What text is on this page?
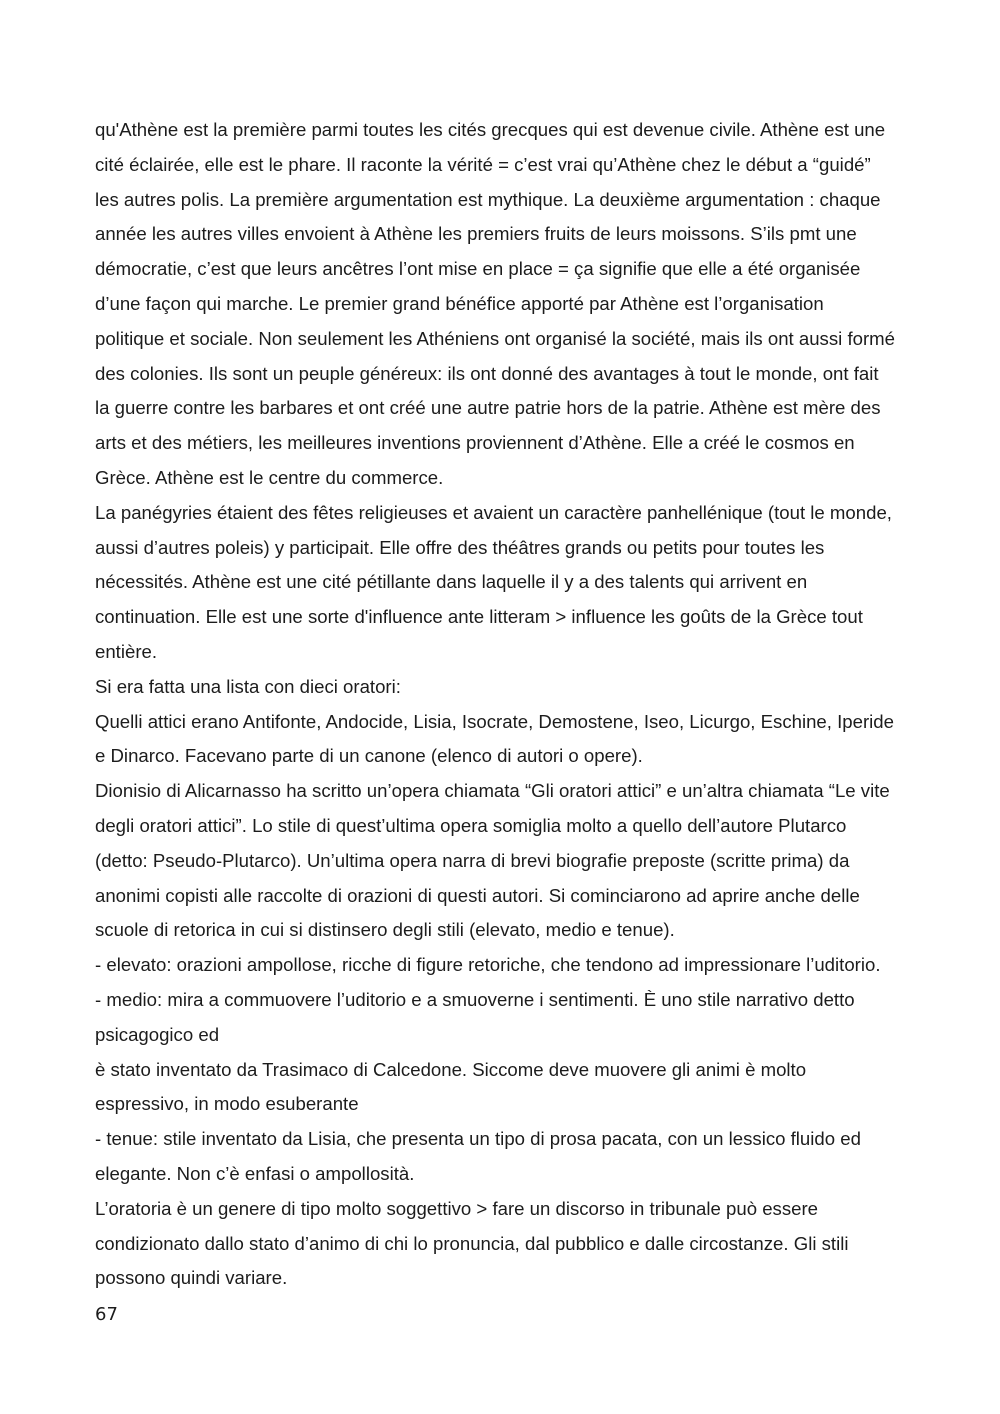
qu'Athène est la première parmi toutes les cités grecques qui est devenue civile. Athène est une
cité éclairée, elle est le phare. Il raconte la vérité = c’est vrai qu’Athène chez le début a “guidé”
les autres polis. La première argumentation est mythique. La deuxième argumentation : chaque
année les autres villes envoient à Athène les premiers fruits de leurs moissons. S’ils pmt une
démocratie, c’est que leurs ancêtres l’ont mise en place = ça signifie que elle a été organisée
d’une façon qui marche. Le premier grand bénéfice apporté par Athène est l’organisation
politique et sociale. Non seulement les Athéniens ont organisé la société, mais ils ont aussi formé
des colonies. Ils sont un peuple généreux: ils ont donné des avantages à tout le monde, ont fait
la guerre contre les barbares et ont créé une autre patrie hors de la patrie. Athène est mère des
arts et des métiers, les meilleures inventions proviennent d’Athène. Elle a créé le cosmos en
Grèce. Athène est le centre du commerce.
La panégyries étaient des fêtes religieuses et avaient un caractère panhellénique (tout le monde,
aussi d’autres poleis) y participait. Elle offre des théâtres grands ou petits pour toutes les
nécessités. Athène est une cité pétillante dans laquelle il y a des talents qui arrivent en
continuation. Elle est une sorte d'influence ante litteram > influence les goûts de la Grèce tout
entière.
Si era fatta una lista con dieci oratori:
Quelli attici erano Antifonte, Andocide, Lisia, Isocrate, Demostene, Iseo, Licurgo, Eschine, Iperide
e Dinarco. Facevano parte di un canone (elenco di autori o opere).
Dionisio di Alicarnasso ha scritto un’opera chiamata “Gli oratori attici” e un’altra chiamata “Le vite
degli oratori attici”. Lo stile di quest’ultima opera somiglia molto a quello dell’autore Plutarco
(detto: Pseudo-Plutarco). Un’ultima opera narra di brevi biografie preposte (scritte prima) da
anonimi copisti alle raccolte di orazioni di questi autori. Si cominciarono ad aprire anche delle
scuole di retorica in cui si distinsero degli stili (elevato, medio e tenue).
- elevato: orazioni ampollose, ricche di figure retoriche, che tendono ad impressionare l’uditorio.
- medio: mira a commuovere l’uditorio e a smuoverne i sentimenti. È uno stile narrativo detto
psicagogico ed
è stato inventato da Trasimaco di Calcedone. Siccome deve muovere gli animi è molto
espressivo, in modo esuberante
- tenue: stile inventato da Lisia, che presenta un tipo di prosa pacata, con un lessico fluido ed
elegante. Non c’è enfasi o ampollosità.
L’oratoria è un genere di tipo molto soggettivo > fare un discorso in tribunale può essere
condizionato dallo stato d’animo di chi lo pronuncia, dal pubblico e dalle circostanze. Gli stili
possono quindi variare.
67
